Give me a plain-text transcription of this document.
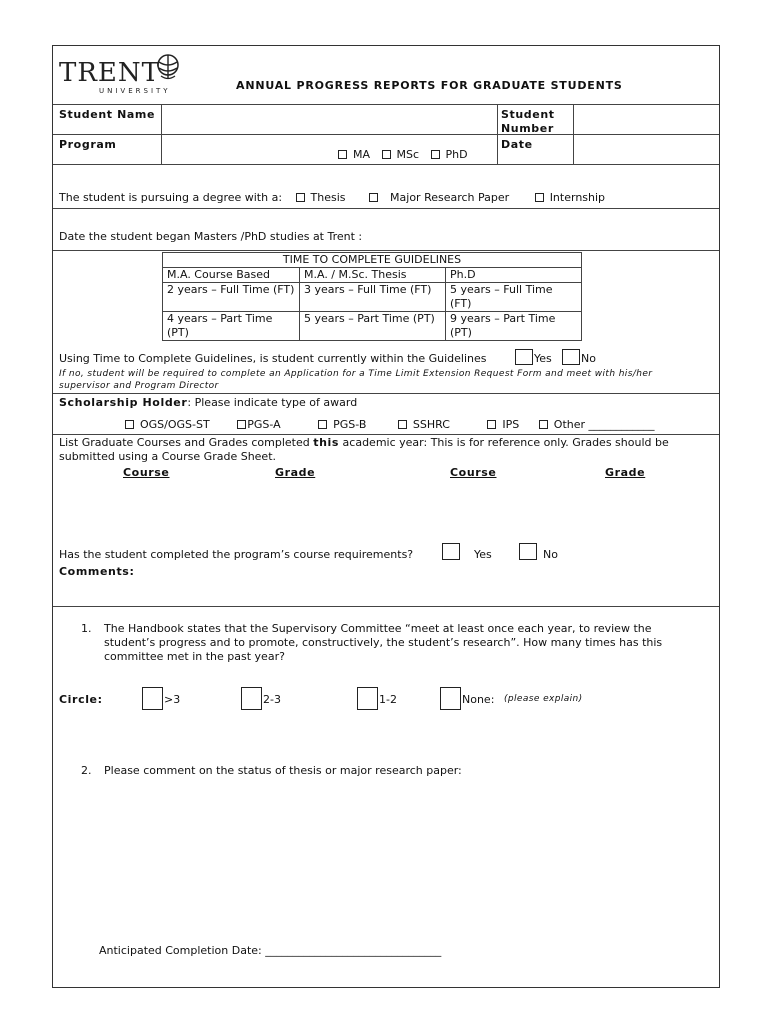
TRENT
UNIVERSITY	ANNUAL PROGRESS REPORTS FOR GRADUATE STUDENTS
Student Name	Student Number
Program
MA MSc PhD
Date
The student is pursuing a degree with a:	Thesis	Major Research Paper	Internship
Date the student began Masters /PhD studies at Trent :
TIME TO COMPLETE GUIDELINES		
M.A. Course Based	M.A. / M.Sc. Thesis	Ph.D
2 years – Full Time (FT)	3 years – Full Time (FT)	5 years – Full Time (FT)
4 years – Part Time (PT)	5 years – Part Time (PT)	9 years – Part Time (PT)
Using Time to Complete Guidelines, is student currently within the Guidelines	Yes	No
If no, student will be required to complete an Application for a Time Limit Extension Request Form and meet with his/her supervisor and Program Director
Scholarship Holder: Please indicate type of award
OGS/OGS-ST	PGS-A	PGS-B	SSHRC	IPS	Other ____________
List Graduate Courses and Grades completed this academic year: This is for reference only. Grades should be submitted using a Course Grade Sheet.
Course	Grade	Course	Grade
Has the student completed the program’s course requirements?	Yes	No
Comments:
1. The Handbook states that the Supervisory Committee “meet at least once each year, to review the student’s progress and to promote, constructively, the student’s research”. How many times has this committee met in the past year?
Circle:	>3	2-3	1-2	None: (please explain)
2. Please comment on the status of thesis or major research paper:
Anticipated Completion Date: ________________________________
